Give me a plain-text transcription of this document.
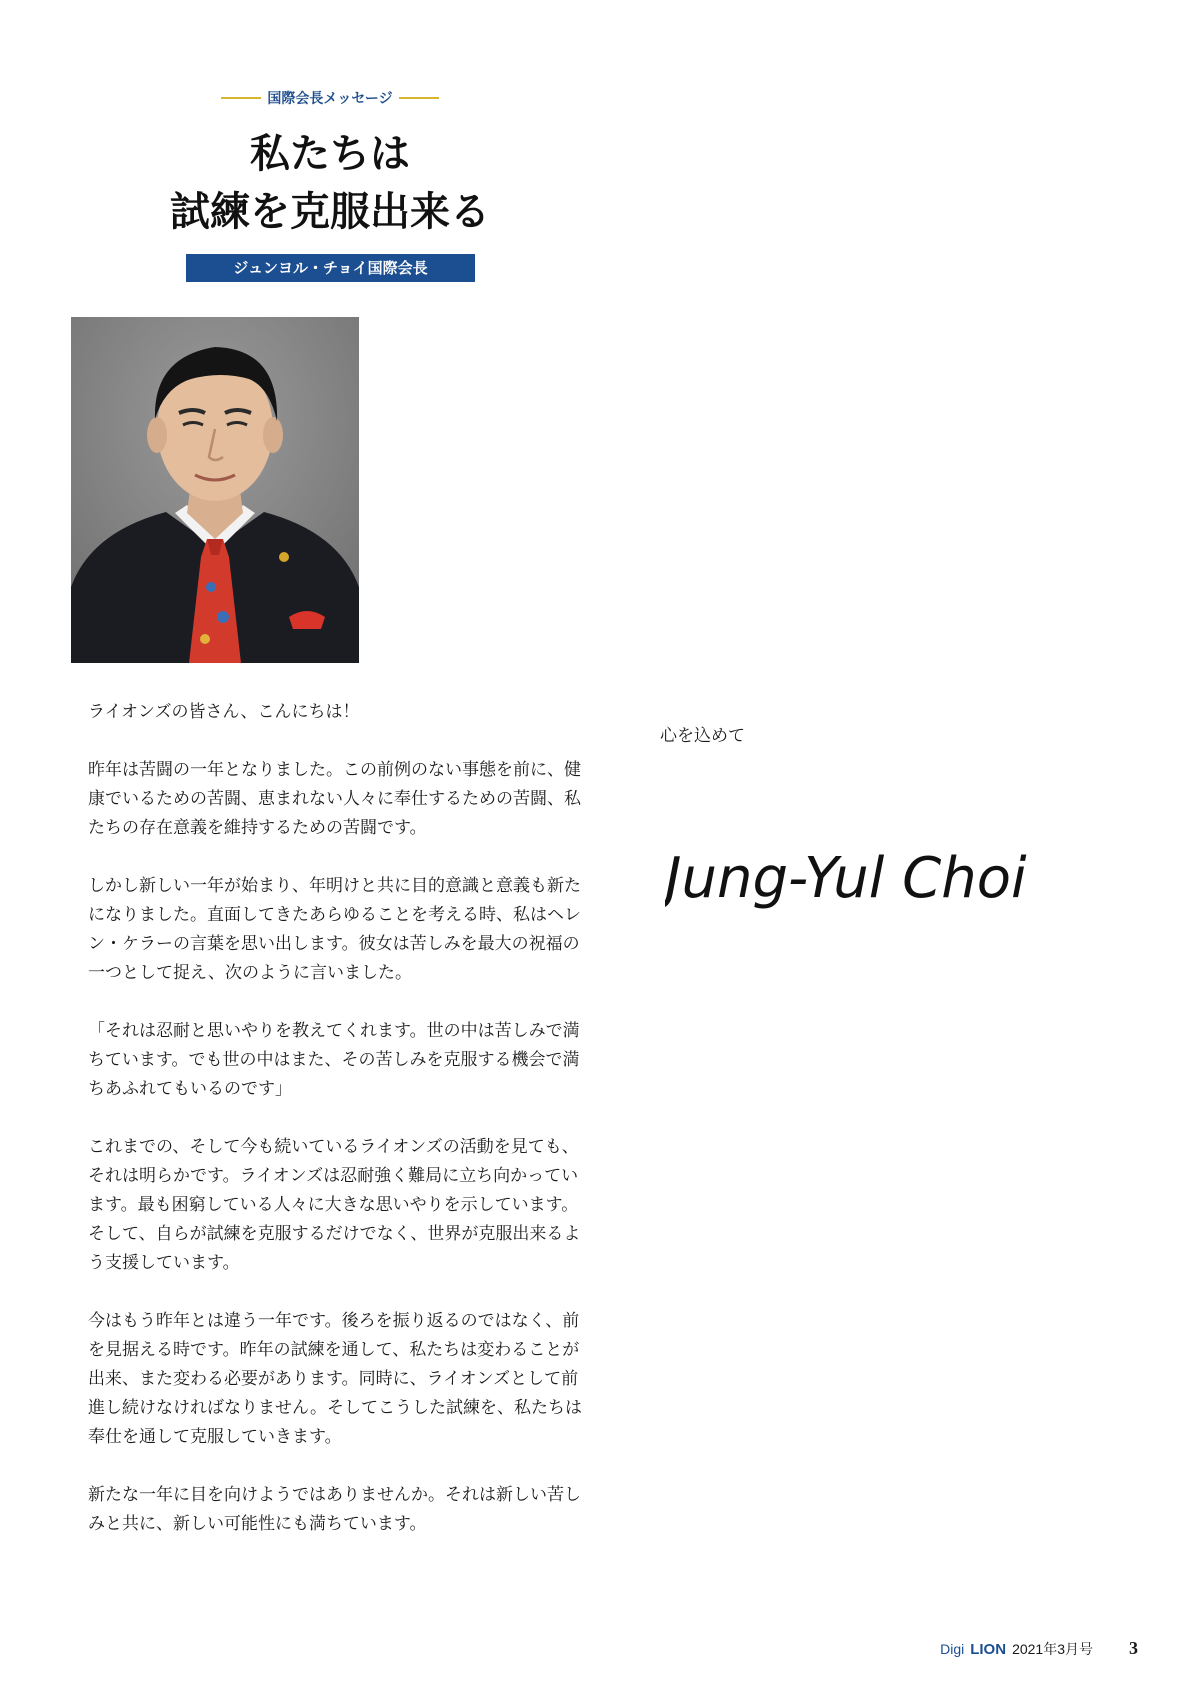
国際会長メッセージ
私たちは
試練を克服出来る
ジュンヨル・チョイ国際会長

ライオンズの皆さん、こんにちは！

昨年は苦闘の一年となりました。この前例のない事態を前に、健康でいるための苦闘、恵まれない人々に奉仕するための苦闘、私たちの存在意義を維持するための苦闘です。

しかし新しい一年が始まり、年明けと共に目的意識と意義も新たになりました。直面してきたあらゆることを考える時、私はヘレン・ケラーの言葉を思い出します。彼女は苦しみを最大の祝福の一つとして捉え、次のように言いました。

「それは忍耐と思いやりを教えてくれます。世の中は苦しみで満ちています。でも世の中はまた、その苦しみを克服する機会で満ちあふれてもいるのです」

これまでの、そして今も続いているライオンズの活動を見ても、それは明らかです。ライオンズは忍耐強く難局に立ち向かっています。最も困窮している人々に大きな思いやりを示しています。そして、自らが試練を克服するだけでなく、世界が克服出来るよう支援しています。

今はもう昨年とは違う一年です。後ろを振り返るのではなく、前を見据える時です。昨年の試練を通して、私たちは変わることが出来、また変わる必要があります。同時に、ライオンズとして前進し続けなければなりません。そしてこうした試練を、私たちは奉仕を通して克服していきます。

新たな一年に目を向けようではありませんか。それは新しい苦しみと共に、新しい可能性にも満ちています。

心を込めて
Jung-Yul Choi
Digi LION 2021年3月号 3
